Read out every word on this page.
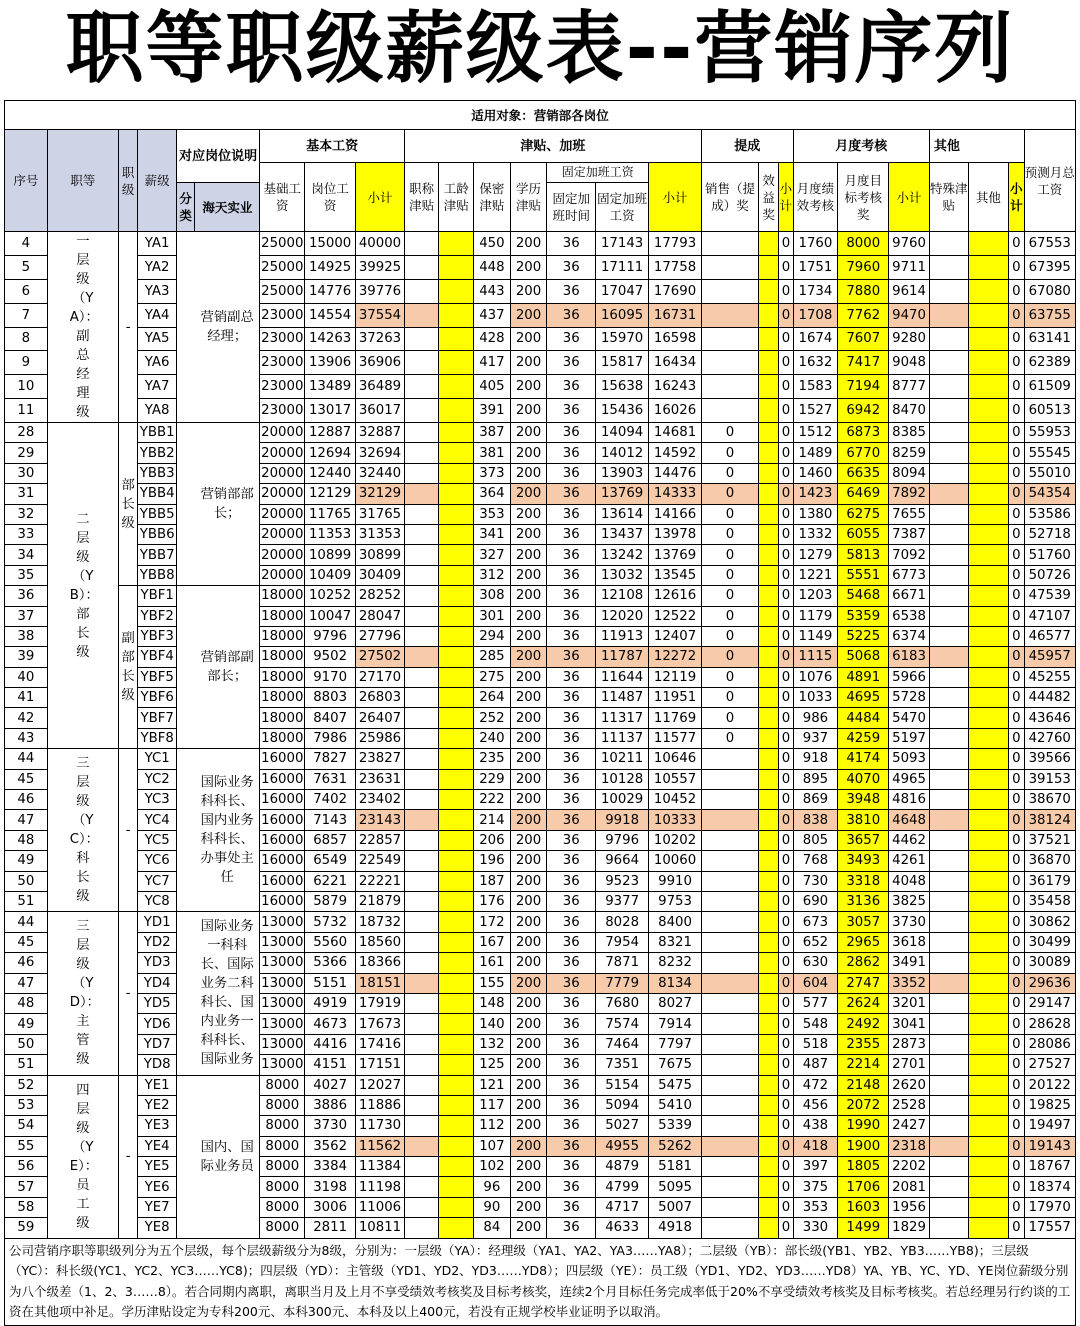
职等职级薪级表--营销序列
适用对象：营销部各岗位																									
序号	职等	职级	薪级	对应岗位说明		基本工资			津贴、加班							提成			月度考核			其他			预测月总工资
						基础工资	岗位工资	小计	职称津贴	工龄津贴	保密津贴	学历津贴	固定加班工资		小计	销售（提成）奖	效益奖	小计	月度绩效考核	月度目标考核奖	小计	特殊津贴	其他	小计	
				分类	海天实业								固定加班时间	固定加班工资											
4	一层级（YA）：副总经理级	-	YA1	营销副总经理；		25000	15000	40000			450	200	36	17143	17793			0	1760	8000	9760			0	67553
5			YA2			25000	14925	39925			448	200	36	17111	17758			0	1751	7960	9711			0	67395
6			YA3			25000	14776	39776			443	200	36	17047	17690			0	1734	7880	9614			0	67080
7			YA4			23000	14554	37554			437	200	36	16095	16731			0	1708	7762	9470			0	63755
8			YA5			23000	14263	37263			428	200	36	15970	16598			0	1674	7607	9280			0	63141
9			YA6			23000	13906	36906			417	200	36	15817	16434			0	1632	7417	9048			0	62389
10			YA7			23000	13489	36489			405	200	36	15638	16243			0	1583	7194	8777			0	61509
11			YA8			23000	13017	36017			391	200	36	15436	16026			0	1527	6942	8470			0	60513
28	二层级（YB）：部长级	部长级	YBB1	营销部部长；		20000	12887	32887			387	200	36	14094	14681	0		0	1512	6873	8385			0	55953
29			YBB2			20000	12694	32694			381	200	36	14012	14592	0		0	1489	6770	8259			0	55545
30			YBB3			20000	12440	32440			373	200	36	13903	14476	0		0	1460	6635	8094			0	55010
31			YBB4			20000	12129	32129			364	200	36	13769	14333	0		0	1423	6469	7892			0	54354
32			YBB5			20000	11765	31765			353	200	36	13614	14166	0		0	1380	6275	7655			0	53586
33			YBB6			20000	11353	31353			341	200	36	13437	13978	0		0	1332	6055	7387			0	52718
34			YBB7			20000	10899	30899			327	200	36	13242	13769	0		0	1279	5813	7092			0	51760
35			YBB8			20000	10409	30409			312	200	36	13032	13545	0		0	1221	5551	6773			0	50726
36		副部长级	YBF1	营销部副部长；		18000	10252	28252			308	200	36	12108	12616	0		0	1203	5468	6671			0	47539
37			YBF2			18000	10047	28047			301	200	36	12020	12522	0		0	1179	5359	6538			0	47107
38			YBF3			18000	9796	27796			294	200	36	11913	12407	0		0	1149	5225	6374			0	46577
39			YBF4			18000	9502	27502			285	200	36	11787	12272	0		0	1115	5068	6183			0	45957
40			YBF5			18000	9170	27170			275	200	36	11644	12119	0		0	1076	4891	5966			0	45255
41			YBF6			18000	8803	26803			264	200	36	11487	11951	0		0	1033	4695	5728			0	44482
42			YBF7			18000	8407	26407			252	200	36	11317	11769	0		0	986	4484	5470			0	43646
43			YBF8			18000	7986	25986			240	200	36	11137	11577	0		0	937	4259	5197			0	42760
44	三层级（YC）：科长级	-	YC1	国际业务科科长、国内业务科科长、办事处主任		16000	7827	23827			235	200	36	10211	10646			0	918	4174	5093			0	39566
45			YC2			16000	7631	23631			229	200	36	10128	10557			0	895	4070	4965			0	39153
46			YC3			16000	7402	23402			222	200	36	10029	10452			0	869	3948	4816			0	38670
47			YC4			16000	7143	23143			214	200	36	9918	10333			0	838	3810	4648			0	38124
48			YC5			16000	6857	22857			206	200	36	9796	10202			0	805	3657	4462			0	37521
49			YC6			16000	6549	22549			196	200	36	9664	10060			0	768	3493	4261			0	36870
50			YC7			16000	6221	22221			187	200	36	9523	9910			0	730	3318	4048			0	36179
51			YC8			16000	5879	21879			176	200	36	9377	9753			0	690	3136	3825			0	35458
44	三层级（YD）：主管级	-	YD1	国际业务一科科长、国际业务二科科长、国内业务一科科长、国际业务		13000	5732	18732			172	200	36	8028	8400			0	673	3057	3730			0	30862
45			YD2			13000	5560	18560			167	200	36	7954	8321			0	652	2965	3618			0	30499
46			YD3			13000	5366	18366			161	200	36	7871	8232			0	630	2862	3491			0	30089
47			YD4			13000	5151	18151			155	200	36	7779	8134			0	604	2747	3352			0	29636
48			YD5			13000	4919	17919			148	200	36	7680	8027			0	577	2624	3201			0	29147
49			YD6			13000	4673	17673			140	200	36	7574	7914			0	548	2492	3041			0	28628
50			YD7			13000	4416	17416			132	200	36	7464	7797			0	518	2355	2873			0	28086
51			YD8			13000	4151	17151			125	200	36	7351	7675			0	487	2214	2701			0	27527
52	四层级（YE）：员工级	-	YE1	国内、国际业务员		8000	4027	12027			121	200	36	5154	5475			0	472	2148	2620			0	20122
53			YE2			8000	3886	11886			117	200	36	5094	5410			0	456	2072	2528			0	19825
54			YE3			8000	3730	11730			112	200	36	5027	5339			0	438	1990	2427			0	19497
55			YE4			8000	3562	11562			107	200	36	4955	5262			0	418	1900	2318			0	19143
56			YE5			8000	3384	11384			102	200	36	4879	5181			0	397	1805	2202			0	18767
57			YE6			8000	3198	11198			96	200	36	4799	5095			0	375	1706	2081			0	18374
58			YE7			8000	3006	11006			90	200	36	4717	5007			0	353	1603	1956			0	17970
59			YE8			8000	2811	10811			84	200	36	4633	4918			0	330	1499	1829			0	17557
公司营销序职等职级列分为五个层级，每个层级薪级分为8级，分别为：一层级（YA）：经理级（YA1、YA2、YA3……YA8）；二层级（YB）：部长级(YB1、YB2、YB3……YB8)；三层级（YC）：科长级(YC1、YC2、YC3……YC8)；四层级（YD）：主管级（YD1、YD2、YD3……YD8）；四层级（YE）：员工级（YD1、YD2、YD3……YD8）YA、YB、YC、YD、YE岗位薪级分别为八个级差（1、2、3……8）。若合同期内离职，离职当月及上月不享受绩效考核奖及目标考核奖，连续2个月目标任务完成率低于20%不享受绩效考核奖及目标考核奖。若总经理另行约谈的工资在其他项中补足。学历津贴设定为专科200元、本科300元、本科及以上400元，若没有正规学校毕业证明予以取消。																									
